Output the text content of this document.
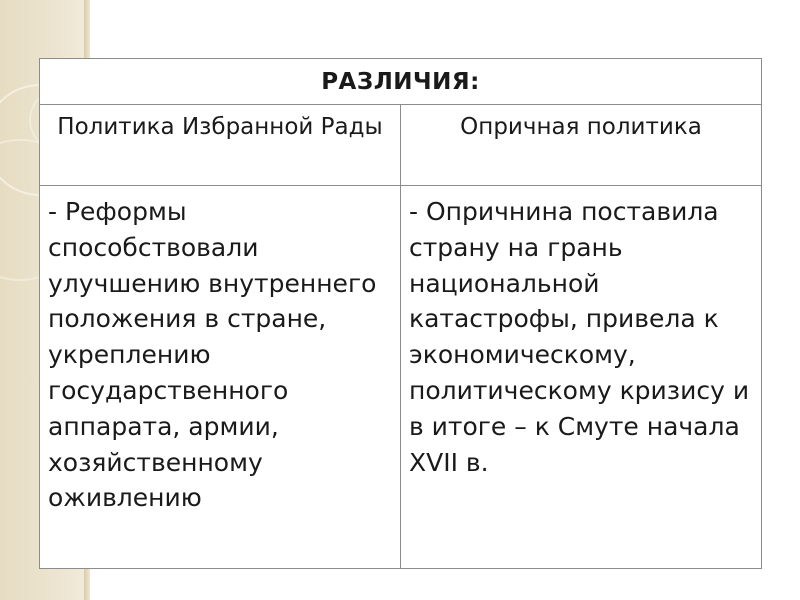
РАЗЛИЧИЯ:	
Политика Избранной Рады	Опричная политика
- Реформы способствовали улучшению внутреннего положения в стране, укреплению государственного аппарата, армии, хозяйственному оживлению	- Опричнина поставила страну на грань национальной катастрофы, привела к экономическому, политическому кризису и в итоге – к Смуте начала XVII в.
